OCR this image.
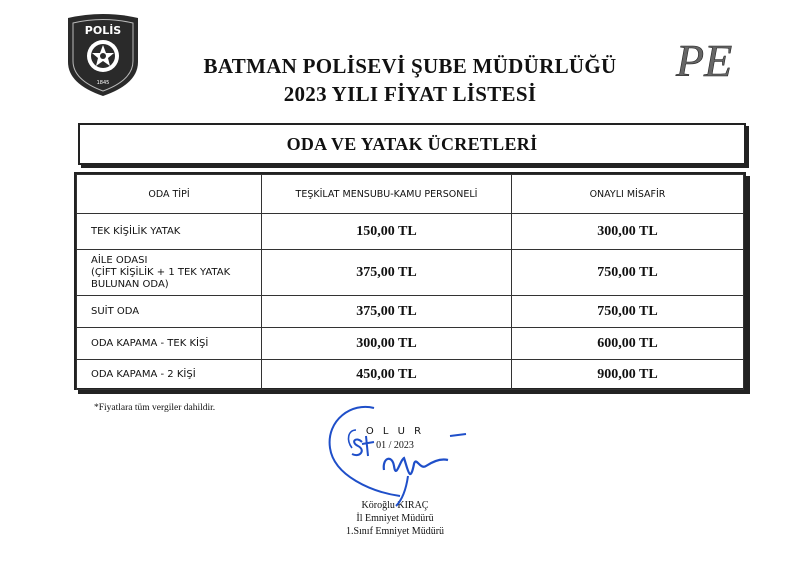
POLİS
1845	PE
BATMAN POLİSEVİ ŞUBE MÜDÜRLÜĞÜ
2023 YILI FİYAT LİSTESİ
ODA VE YATAK ÜCRETLERİ
ODA TİPİ	TEŞKİLAT MENSUBU-KAMU PERSONELİ	ONAYLI MİSAFİR
TEK KİŞİLİK YATAK	150,00 TL	300,00 TL

AİLE ODASI
(ÇİFT KİŞİLİK + 1 TEK YATAK
BULUNAN ODA)	375,00 TL	750,00 TL
SUİT ODA	375,00 TL	750,00 TL
ODA KAPAMA - TEK KİŞİ	300,00 TL	600,00 TL
ODA KAPAMA - 2 KİŞİ	450,00 TL	900,00 TL
*Fiyatlara tüm vergiler dahildir.
O L U R
01 / 2023
Köroğlu KIRAÇ
İl Emniyet Müdürü
1.Sınıf Emniyet Müdürü
